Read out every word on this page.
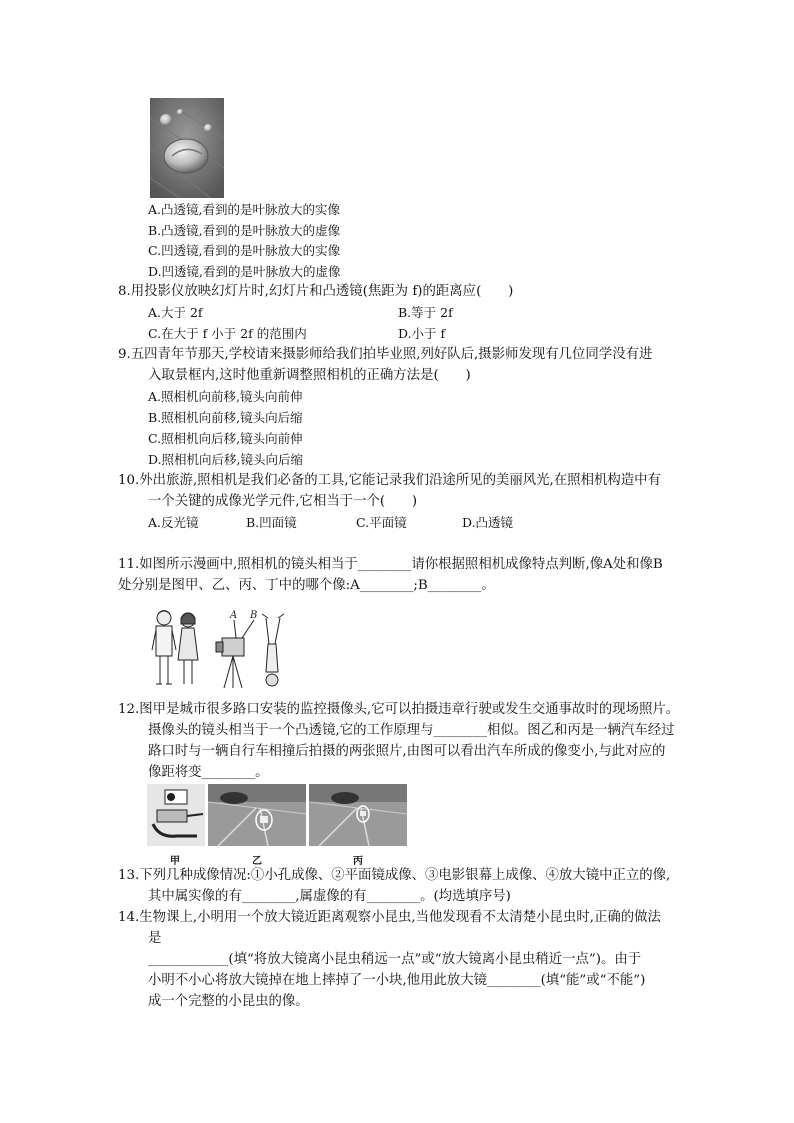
A.凸透镜,看到的是叶脉放大的实像
B.凸透镜,看到的是叶脉放大的虚像
C.凹透镜,看到的是叶脉放大的实像
D.凹透镜,看到的是叶脉放大的虚像
8.用投影仪放映幻灯片时,幻灯片和凸透镜(焦距为 f)的距离应(　　)
A.大于 2f	B.等于 2f
C.在大于 f 小于 2f 的范围内	D.小于 f
9.五四青年节那天,学校请来摄影师给我们拍毕业照,列好队后,摄影师发现有几位同学没有进
入取景框内,这时他重新调整照相机的正确方法是(　　)
A.照相机向前移,镜头向前伸
B.照相机向前移,镜头向后缩
C.照相机向后移,镜头向前伸
D.照相机向后移,镜头向后缩
10.外出旅游,照相机是我们必备的工具,它能记录我们沿途所见的美丽风光,在照相机构造中有
一个关键的成像光学元件,它相当于一个(　　)
A.反光镜	B.凹面镜	C.平面镜	D.凸透镜
11.如图所示漫画中,照相机的镜头相当于________请你根据照相机成像特点判断,像A处和像B
处分别是图甲、乙、丙、丁中的哪个像:A________;B________。
A B
12.图甲是城市很多路口安装的监控摄像头,它可以拍摄违章行驶或发生交通事故时的现场照片。
摄像头的镜头相当于一个凸透镜,它的工作原理与________相似。图乙和丙是一辆汽车经过
路口时与一辆自行车相撞后拍摄的两张照片,由图可以看出汽车所成的像变小,与此对应的
像距将变________。
甲	乙	丙
13.下列几种成像情况:①小孔成像、②平面镜成像、③电影银幕上成像、④放大镜中正立的像,
其中属实像的有________,属虚像的有________。(均选填序号)
14.生物课上,小明用一个放大镜近距离观察小昆虫,当他发现看不太清楚小昆虫时,正确的做法
是
____________(填“将放大镜离小昆虫稍远一点”或“放大镜离小昆虫稍近一点”)。由于
小明不小心将放大镜掉在地上摔掉了一小块,他用此放大镜________(填“能”或“不能”)
成一个完整的小昆虫的像。
